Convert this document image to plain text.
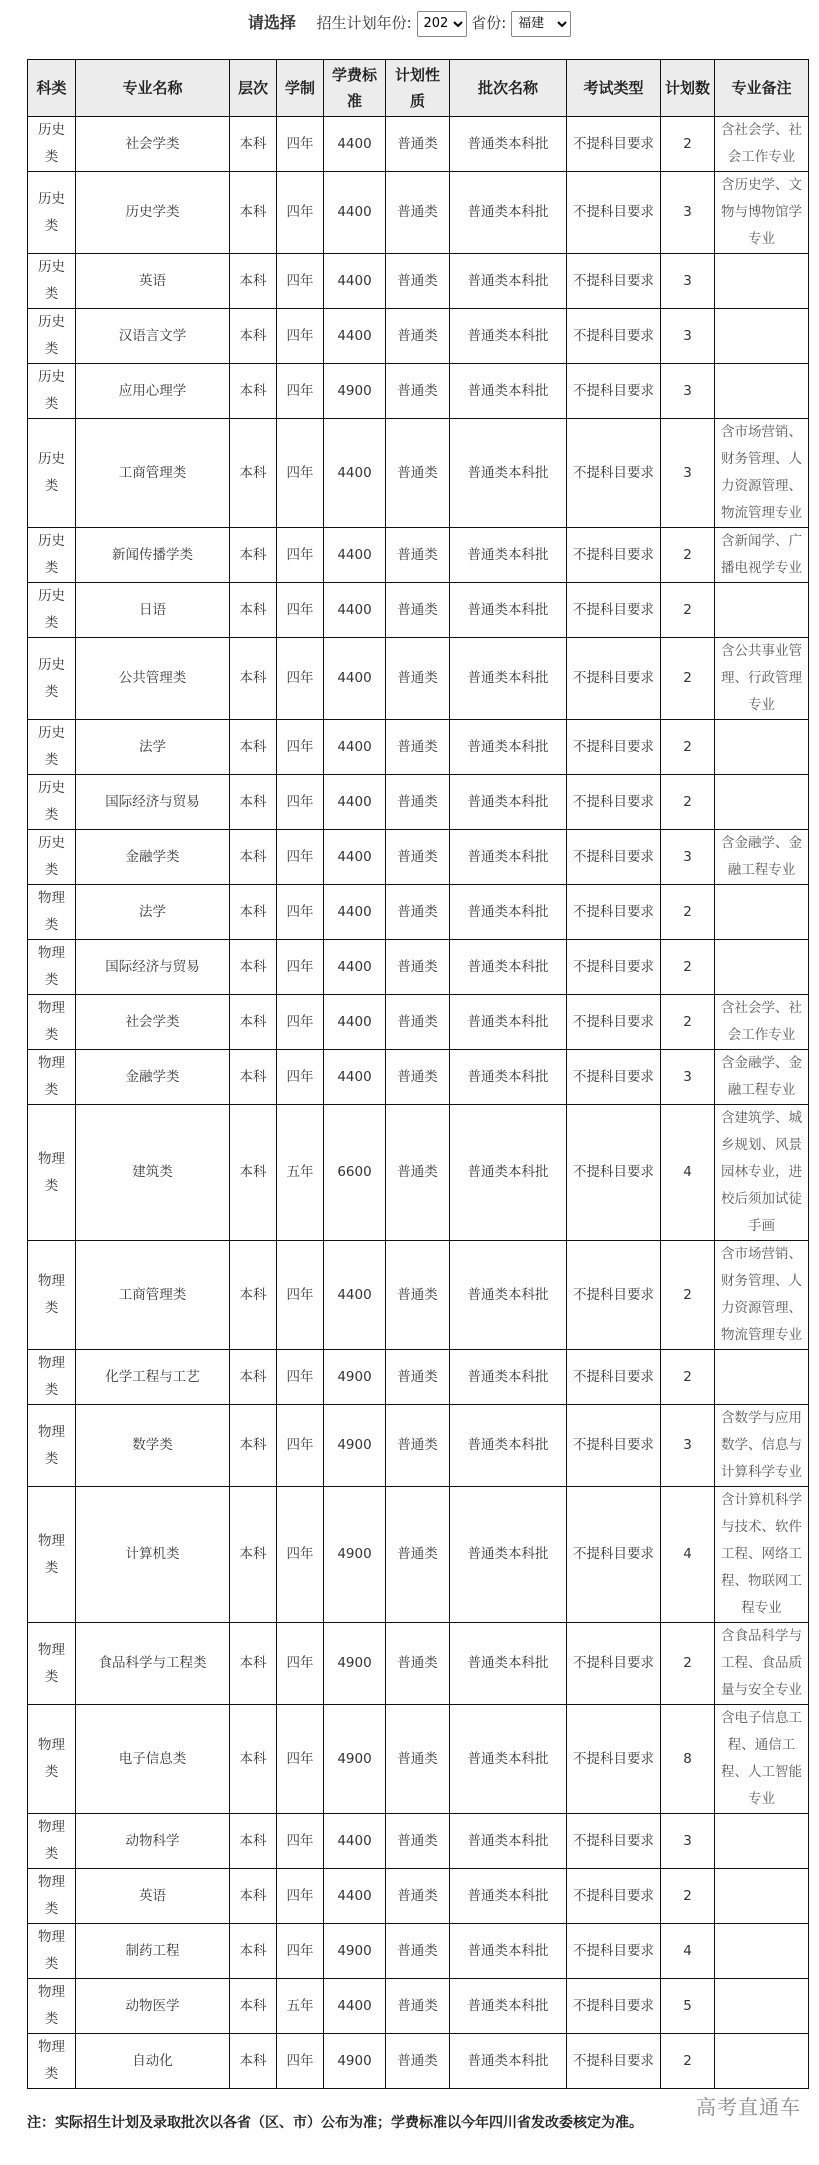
请选择 招生计划年份:
2023	省份:
福建
科类	专业名称	层次	学制	学费标准	计划性质	批次名称	考试类型	计划数	专业备注
历史类	社会学类	本科	四年	4400	普通类	普通类本科批	不提科目要求	2	含社会学、社会工作专业
历史类	历史学类	本科	四年	4400	普通类	普通类本科批	不提科目要求	3	含历史学、文物与博物馆学专业
历史类	英语	本科	四年	4400	普通类	普通类本科批	不提科目要求	3	
历史类	汉语言文学	本科	四年	4400	普通类	普通类本科批	不提科目要求	3	
历史类	应用心理学	本科	四年	4900	普通类	普通类本科批	不提科目要求	3	
历史类	工商管理类	本科	四年	4400	普通类	普通类本科批	不提科目要求	3	含市场营销、财务管理、人力资源管理、物流管理专业
历史类	新闻传播学类	本科	四年	4400	普通类	普通类本科批	不提科目要求	2	含新闻学、广播电视学专业
历史类	日语	本科	四年	4400	普通类	普通类本科批	不提科目要求	2	
历史类	公共管理类	本科	四年	4400	普通类	普通类本科批	不提科目要求	2	含公共事业管理、行政管理专业
历史类	法学	本科	四年	4400	普通类	普通类本科批	不提科目要求	2	
历史类	国际经济与贸易	本科	四年	4400	普通类	普通类本科批	不提科目要求	2	
历史类	金融学类	本科	四年	4400	普通类	普通类本科批	不提科目要求	3	含金融学、金融工程专业
物理类	法学	本科	四年	4400	普通类	普通类本科批	不提科目要求	2	
物理类	国际经济与贸易	本科	四年	4400	普通类	普通类本科批	不提科目要求	2	
物理类	社会学类	本科	四年	4400	普通类	普通类本科批	不提科目要求	2	含社会学、社会工作专业
物理类	金融学类	本科	四年	4400	普通类	普通类本科批	不提科目要求	3	含金融学、金融工程专业
物理类	建筑类	本科	五年	6600	普通类	普通类本科批	不提科目要求	4	含建筑学、城乡规划、风景园林专业，进校后须加试徒手画
物理类	工商管理类	本科	四年	4400	普通类	普通类本科批	不提科目要求	2	含市场营销、财务管理、人力资源管理、物流管理专业
物理类	化学工程与工艺	本科	四年	4900	普通类	普通类本科批	不提科目要求	2	
物理类	数学类	本科	四年	4900	普通类	普通类本科批	不提科目要求	3	含数学与应用数学、信息与计算科学专业
物理类	计算机类	本科	四年	4900	普通类	普通类本科批	不提科目要求	4	含计算机科学与技术、软件工程、网络工程、物联网工程专业
物理类	食品科学与工程类	本科	四年	4900	普通类	普通类本科批	不提科目要求	2	含食品科学与工程、食品质量与安全专业
物理类	电子信息类	本科	四年	4900	普通类	普通类本科批	不提科目要求	8	含电子信息工程、通信工程、人工智能专业
物理类	动物科学	本科	四年	4400	普通类	普通类本科批	不提科目要求	3	
物理类	英语	本科	四年	4400	普通类	普通类本科批	不提科目要求	2	
物理类	制药工程	本科	四年	4900	普通类	普通类本科批	不提科目要求	4	
物理类	动物医学	本科	五年	4400	普通类	普通类本科批	不提科目要求	5	
物理类	自动化	本科	四年	4900	普通类	普通类本科批	不提科目要求	2	
高考直通车
注：实际招生计划及录取批次以各省（区、市）公布为准；学费标准以今年四川省发改委核定为准。
